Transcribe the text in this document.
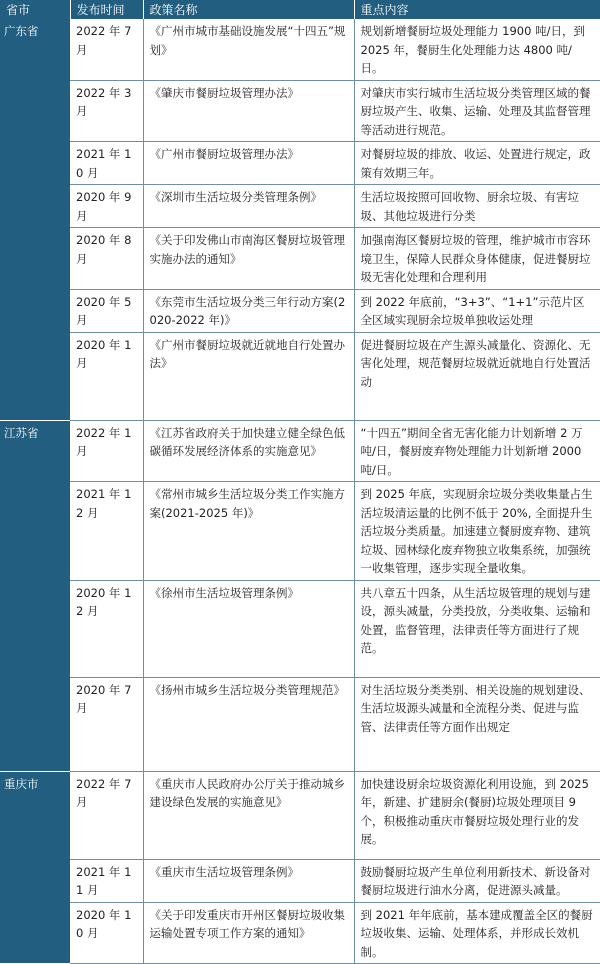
省市	发布时间	政策名称	重点内容
广东省	2022 年 7 月	《广州市城市基础设施发展“十四五”规划》	规划新增餐厨垃圾处理能力 1900 吨/日，到 2025 年，餐厨生化处理能力达 4800 吨/日。
	2022 年 3 月	《肇庆市餐厨垃圾管理办法》	对肇庆市实行城市生活垃圾分类管理区域的餐厨垃圾产生、收集、运输、处理及其监督管理等活动进行规范。
	2021 年 10 月	《广州市餐厨垃圾管理办法》	对餐厨垃圾的排放、收运、处置进行规定，政策有效期三年。
	2020 年 9 月	《深圳市生活垃圾分类管理条例》	生活垃圾按照可回收物、厨余垃圾、有害垃圾、其他垃圾进行分类
	2020 年 8 月	《关于印发佛山市南海区餐厨垃圾管理实施办法的通知》	加强南海区餐厨垃圾的管理，维护城市市容环境卫生，保障人民群众身体健康，促进餐厨垃圾无害化处理和合理利用
	2020 年 5 月	《东莞市生活垃圾分类三年行动方案(2020-2022 年)》	到 2022 年底前，“3+3”、“1+1”示范片区全区域实现厨余垃圾单独收运处理
	2020 年 1 月	《广州市餐厨垃圾就近就地自行处置办法》	促进餐厨垃圾在产生源头减量化、资源化、无害化处理，规范餐厨垃圾就近就地自行处置活动
江苏省	2022 年 1 月	《江苏省政府关于加快建立健全绿色低碳循环发展经济体系的实施意见》	“十四五”期间全省无害化能力计划新增 2 万吨/日，餐厨废弃物处理能力计划新增 2000 吨/日。
	2021 年 12 月	《常州市城乡生活垃圾分类工作实施方案(2021-2025 年)》	到 2025 年底，实现厨余垃圾分类收集量占生活垃圾清运量的比例不低于 20%, 全面提升生活垃圾分类质量。加速建立餐厨废弃物、建筑垃圾、园林绿化废弃物独立收集系统，加强统一收集管理，逐步实现全量收集。
	2020 年 12 月	《徐州市生活垃圾管理条例》	共八章五十四条，从生活垃圾管理的规划与建设，源头减量，分类投放，分类收集、运输和处置，监督管理，法律责任等方面进行了规范。
	2020 年 7 月	《扬州市城乡生活垃圾分类管理规范》	对生活垃圾分类类别、相关设施的规划建设、生活垃圾源头减量和全流程分类、促进与监管、法律责任等方面作出规定
重庆市	2022 年 7 月	《重庆市人民政府办公厅关于推动城乡建设绿色发展的实施意见》	加快建设厨余垃圾资源化利用设施，到 2025 年，新建、扩建厨余(餐厨)垃圾处理项目 9 个，积极推动重庆市餐厨垃圾处理行业的发展。
	2021 年 11 月	《重庆市生活垃圾管理条例》	鼓励餐厨垃圾产生单位利用新技术、新设备对餐厨垃圾进行油水分离，促进源头减量。
	2020 年 10 月	《关于印发重庆市开州区餐厨垃圾收集运输处置专项工作方案的通知》	到 2021 年年底前，基本建成覆盖全区的餐厨垃圾收集、运输、处理体系，并形成长效机制。
